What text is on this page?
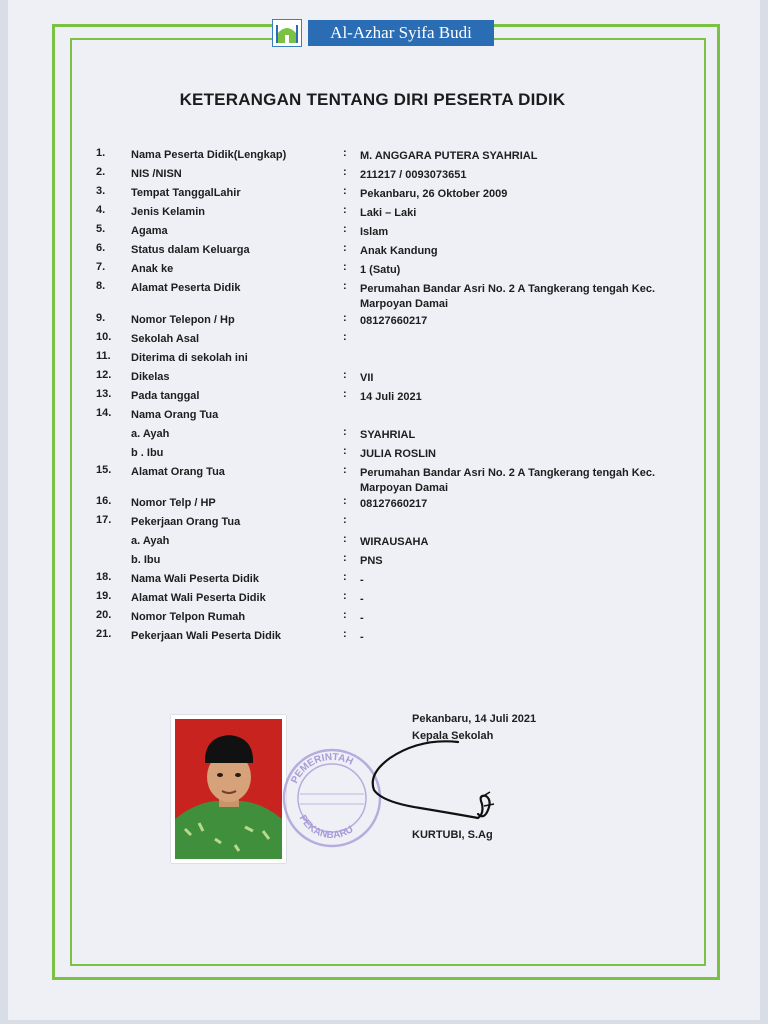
Al-Azhar Syifa Budi
KETERANGAN TENTANG DIRI PESERTA DIDIK
1. Nama Peserta Didik(Lengkap)	: M. ANGGARA PUTERA SYAHRIAL
2. NIS /NISN	: 211217 / 0093073651
3. Tempat TanggalLahir	: Pekanbaru, 26 Oktober 2009
4. Jenis Kelamin	: Laki – Laki
5. Agama	: Islam
6. Status dalam Keluarga	: Anak Kandung
7. Anak ke	: 1 (Satu)
8. Alamat Peserta Didik	: Perumahan Bandar Asri No. 2 A Tangkerang tengah Kec. Marpoyan Damai
9. Nomor Telepon / Hp	: 08127660217
10. Sekolah Asal	:
11. Diterima di sekolah ini
12. Dikelas	: VII
13. Pada tanggal	: 14 Juli 2021
14. Nama Orang Tua
a. Ayah	: SYAHRIAL
b . Ibu	: JULIA ROSLIN
15. Alamat Orang Tua	: Perumahan Bandar Asri No. 2 A Tangkerang tengah Kec. Marpoyan Damai
16. Nomor Telp / HP	: 08127660217
17. Pekerjaan Orang Tua	:
a. Ayah	: WIRAUSAHA
b. Ibu	: PNS
18. Nama Wali Peserta Didik	: -
19. Alamat Wali Peserta Didik	: -
20. Nomor Telpon Rumah	: -
21. Pekerjaan Wali Peserta Didik	: -
PEMERINTAH
PEKANBARU
Pekanbaru, 14 Juli 2021
Kepala Sekolah
KURTUBI, S.Ag
